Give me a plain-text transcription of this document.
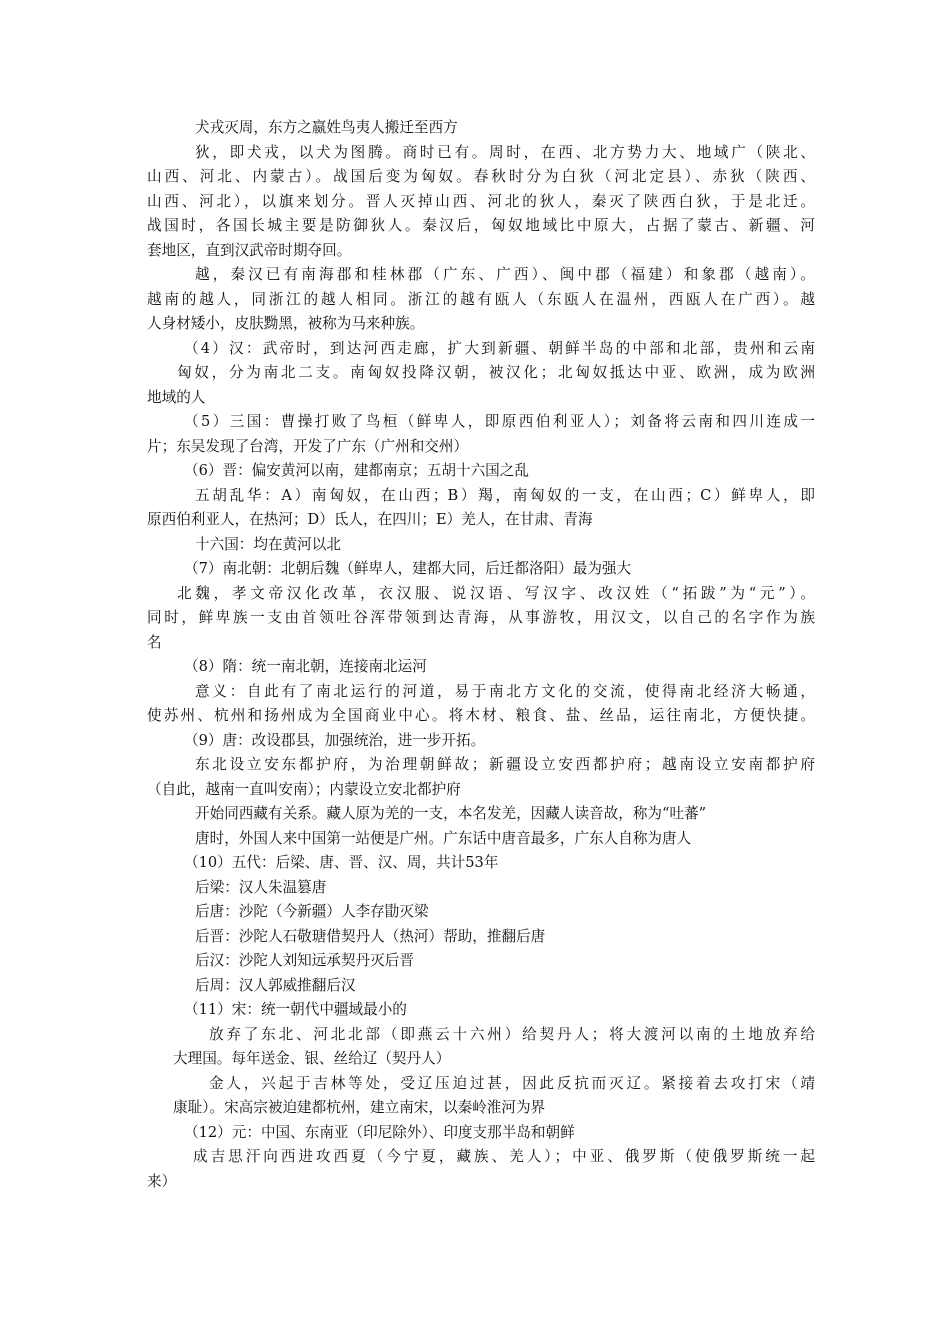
犬戎灭周，东方之嬴姓鸟夷人搬迁至西方
狄，即犬戎，以犬为图腾。商时已有。周时，在西、北方势力大、地域广（陕北、
山西、河北、内蒙古）。战国后变为匈奴。春秋时分为白狄（河北定县）、赤狄（陕西、
山西、河北），以旗来划分。晋人灭掉山西、河北的狄人，秦灭了陕西白狄，于是北迁。
战国时，各国长城主要是防御狄人。秦汉后，匈奴地域比中原大，占据了蒙古、新疆、河
套地区，直到汉武帝时期夺回。
越，秦汉已有南海郡和桂林郡（广东、广西）、闽中郡（福建）和象郡（越南）。
越南的越人，同浙江的越人相同。浙江的越有瓯人（东瓯人在温州，西瓯人在广西）。越
人身材矮小，皮肤黝黑，被称为马来种族。
（4）汉：武帝时，到达河西走廊，扩大到新疆、朝鲜半岛的中部和北部，贵州和云南
匈奴，分为南北二支。南匈奴投降汉朝，被汉化；北匈奴抵达中亚、欧洲，成为欧洲
地域的人
（5）三国：曹操打败了鸟桓（鲜卑人，即原西伯利亚人）；刘备将云南和四川连成一
片；东吴发现了台湾，开发了广东（广州和交州）
（6）晋：偏安黄河以南，建都南京；五胡十六国之乱
五胡乱华：A）南匈奴，在山西；B）羯，南匈奴的一支，在山西；C）鲜卑人，即
原西伯利亚人，在热河；D）氐人，在四川；E）羌人，在甘肃、青海
十六国：均在黄河以北
（7）南北朝：北朝后魏（鲜卑人，建都大同，后迁都洛阳）最为强大
北魏，孝文帝汉化改革，衣汉服、说汉语、写汉字、改汉姓（“拓跋”为“元”）。
同时，鲜卑族一支由首领吐谷浑带领到达青海，从事游牧，用汉文，以自己的名字作为族
名
（8）隋：统一南北朝，连接南北运河
意义：自此有了南北运行的河道，易于南北方文化的交流，使得南北经济大畅通，
使苏州、杭州和扬州成为全国商业中心。将木材、粮食、盐、丝品，运往南北，方便快捷。
（9）唐：改设郡县，加强统治，进一步开拓。
东北设立安东都护府，为治理朝鲜故；新疆设立安西都护府；越南设立安南都护府
（自此，越南一直叫安南）；内蒙设立安北都护府
开始同西藏有关系。藏人原为羌的一支，本名发羌，因藏人读音故，称为“吐蕃”
唐时，外国人来中国第一站便是广州。广东话中唐音最多，广东人自称为唐人
（10）五代：后梁、唐、晋、汉、周，共计53年
后梁：汉人朱温篡唐
后唐：沙陀（今新疆）人李存勖灭梁
后晋：沙陀人石敬瑭借契丹人（热河）帮助，推翻后唐
后汉：沙陀人刘知远承契丹灭后晋
后周：汉人郭威推翻后汉
（11）宋：统一朝代中疆域最小的
放弃了东北、河北北部（即燕云十六州）给契丹人；将大渡河以南的土地放弃给
大理国。每年送金、银、丝给辽（契丹人）
金人，兴起于吉林等处，受辽压迫过甚，因此反抗而灭辽。紧接着去攻打宋（靖
康耻）。宋高宗被迫建都杭州，建立南宋，以秦岭淮河为界
（12）元：中国、东南亚（印尼除外）、印度支那半岛和朝鲜
成吉思汗向西进攻西夏（今宁夏，藏族、羌人）；中亚、俄罗斯（使俄罗斯统一起
来）
